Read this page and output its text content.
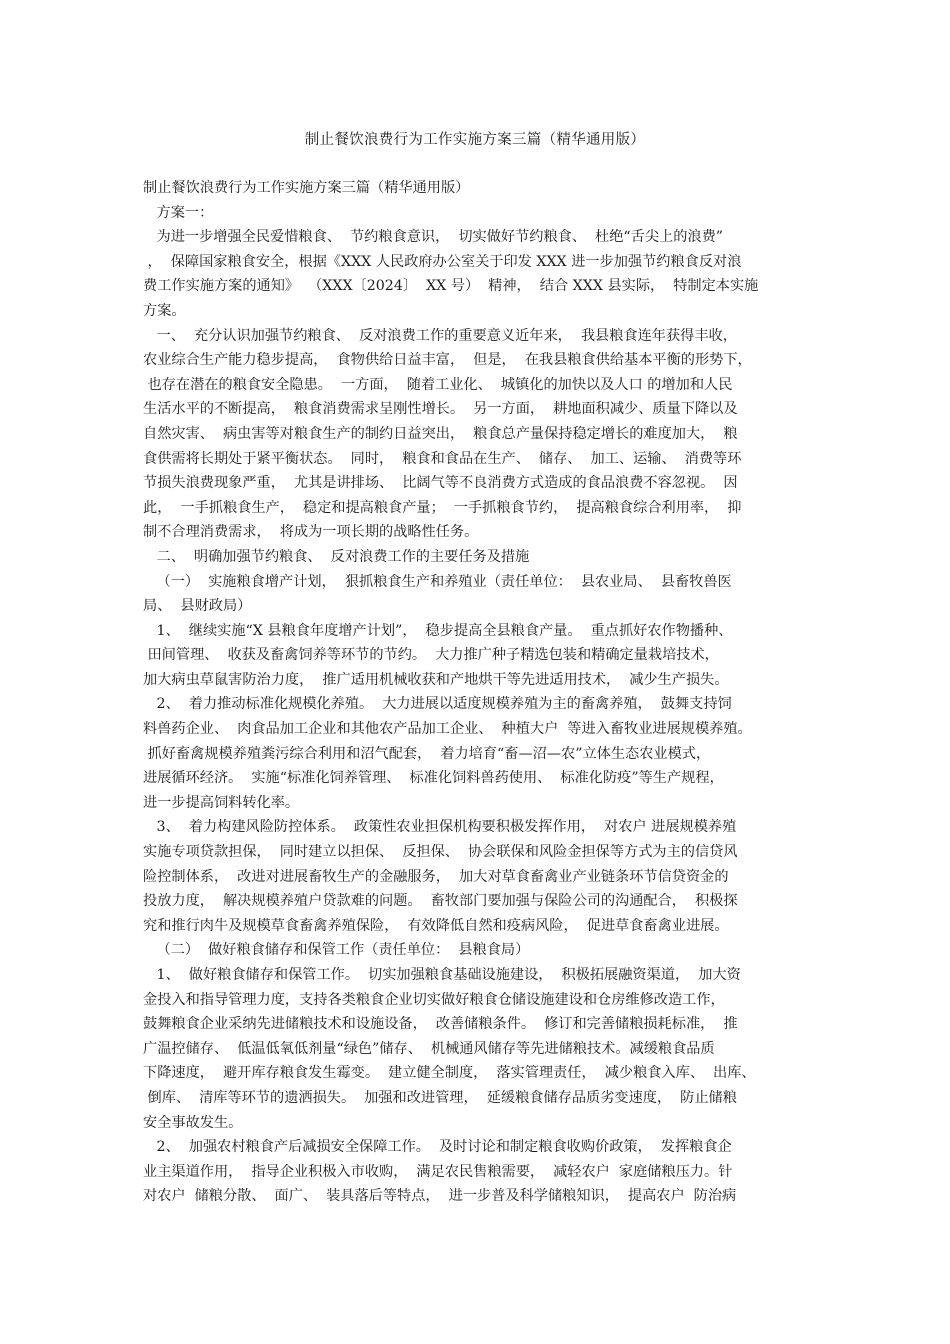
制止餐饮浪费行为工作实施方案三篇（精华通用版）
制止餐饮浪费行为工作实施方案三篇（精华通用版）
方案一：
为进一步增强全民爱惜粮食、  节约粮食意识，  切实做好节约粮食、  杜绝“舌尖上的浪费”
，  保障国家粮食安全，根据《XXX 人民政府办公室关于印发 XXX 进一步加强节约粮食反对浪
费工作实施方案的通知》  （XXX〔2024〕  XX 号）  精神，  结合 XXX 县实际，  特制定本实施
方案。
一、  充分认识加强节约粮食、  反对浪费工作的重要意义近年来，  我县粮食连年获得丰收，
农业综合生产能力稳步提高，  食物供给日益丰富，  但是，  在我县粮食供给基本平衡的形势下，
也存在潜在的粮食安全隐患。  一方面，  随着工业化、  城镇化的加快以及人口 的增加和人民
生活水平的不断提高，  粮食消费需求呈刚性增长。  另一方面，  耕地面积减少、质量下降以及
自然灾害、  病虫害等对粮食生产的制约日益突出，  粮食总产量保持稳定增长的难度加大，  粮
食供需将长期处于紧平衡状态。  同时，  粮食和食品在生产、  储存、  加工、运输、  消费等环
节损失浪费现象严重，  尤其是讲排场、  比阔气等不良消费方式造成的食品浪费不容忽视。  因
此，  一手抓粮食生产，  稳定和提高粮食产量；  一手抓粮食节约，  提高粮食综合利用率，  抑
制不合理消费需求，  将成为一项长期的战略性任务。
二、  明确加强节约粮食、  反对浪费工作的主要任务及措施
（一）  实施粮食增产计划，  狠抓粮食生产和养殖业（责任单位：  县农业局、  县畜牧兽医
局、  县财政局）
1、  继续实施“X 县粮食年度增产计划”，  稳步提高全县粮食产量。  重点抓好农作物播种、
田间管理、  收获及畜禽饲养等环节的节约。  大力推广种子精选包装和精确定量栽培技术，
加大病虫草鼠害防治力度，  推广适用机械收获和产地烘干等先进适用技术，  减少生产损失。
2、  着力推动标准化规模化养殖。  大力进展以适度规模养殖为主的畜禽养殖，  鼓舞支持饲
料兽药企业、  肉食品加工企业和其他农产品加工企业、  种植大户  等进入畜牧业进展规模养殖。
抓好畜禽规模养殖粪污综合利用和沼气配套，  着力培育“畜—沼—农”立体生态农业模式，
进展循环经济。  实施“标准化饲养管理、  标准化饲料兽药使用、  标准化防疫”等生产规程，
进一步提高饲料转化率。
3、  着力构建风险防控体系。  政策性农业担保机构要积极发挥作用，  对农户 进展规模养殖
实施专项贷款担保，  同时建立以担保、  反担保、  协会联保和风险金担保等方式为主的信贷风
险控制体系，  改进对进展畜牧生产的金融服务，  加大对草食畜禽业产业链条环节信贷资金的
投放力度，  解决规模养殖户贷款难的问题。  畜牧部门要加强与保险公司的沟通配合，  积极探
究和推行肉牛及规模草食畜禽养殖保险，  有效降低自然和疫病风险，  促进草食畜禽业进展。
（二）  做好粮食储存和保管工作（责任单位：  县粮食局）
1、  做好粮食储存和保管工作。  切实加强粮食基础设施建设，  积极拓展融资渠道，  加大资
金投入和指导管理力度，支持各类粮食企业切实做好粮食仓储设施建设和仓房维修改造工作，
鼓舞粮食企业采纳先进储粮技术和设施设备，  改善储粮条件。  修订和完善储粮损耗标准，  推
广温控储存、  低温低氧低剂量“绿色”储存、  机械通风储存等先进储粮技术。减缓粮食品质
下降速度，  避开库存粮食发生霉变。  建立健全制度，  落实管理责任，  减少粮食入库、  出库、
倒库、  清库等环节的遗洒损失。  加强和改进管理，  延缓粮食储存品质劣变速度，  防止储粮
安全事故发生。
2、  加强农村粮食产后减损安全保障工作。  及时讨论和制定粮食收购价政策，  发挥粮食企
业主渠道作用，  指导企业积极入市收购，  满足农民售粮需要，  减轻农户  家庭储粮压力。针
对农户  储粮分散、  面广、  装具落后等特点，  进一步普及科学储粮知识，  提高农户  防治病
